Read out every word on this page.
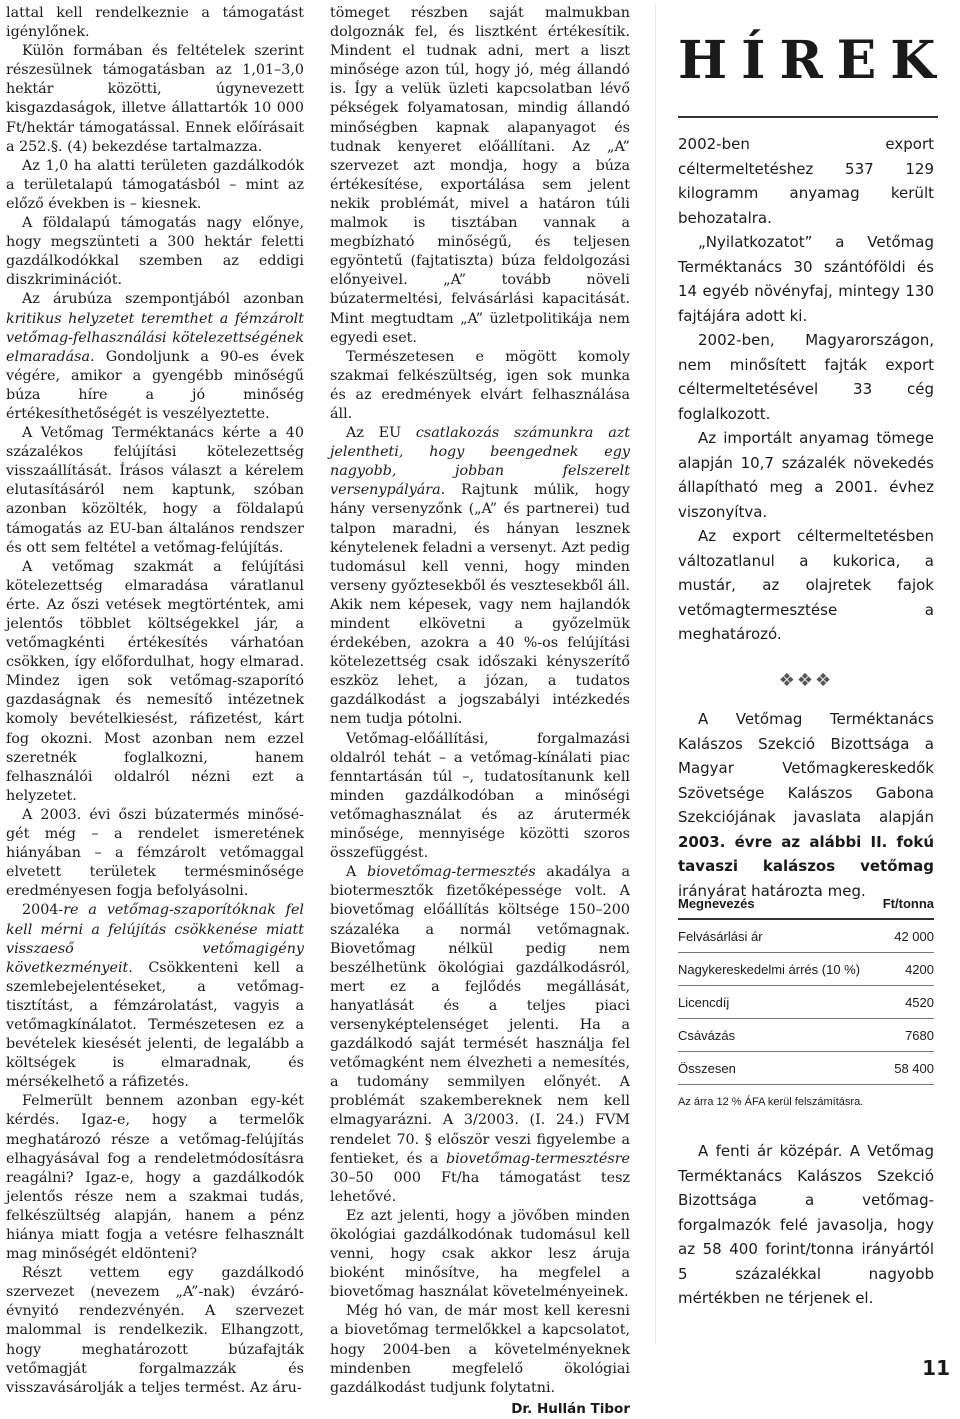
lattal kell rendelkeznie a támogatást igénylőnek.

Külön formában és feltételek szerint részesülnek támogatásban az 1,01–3,0 hektár közötti, úgynevezett kisgazdaságok, illetve állattartók 10 000 Ft/hektár támogatással. Ennek előírásait a 252.§. (4) bekezdése tartalmazza.

Az 1,0 ha alatti területen gazdálkodók a területalapú támogatásból – mint az előző években is – kiesnek.

A földalapú támogatás nagy előnye, hogy megszünteti a 300 hektár feletti gazdálkodókkal szemben az eddigi diszkriminációt.

Az árubúza szempontjából azonban kritikus helyzetet teremthet a fémzárolt vetőmag-felhasználási kötelezettségének elmaradása. Gondoljunk a 90-es évek végére, amikor a gyengébb minőségű búza híre a jó minőség értékesíthetőségét is veszélyeztette.

A Vetőmag Terméktanács kérte a 40 százalékos felújítási kötelezettség visszaállítását. Írásos választ a kérelem elutasításáról nem kaptunk, szóban azonban közölték, hogy a földalapú támogatás az EU-ban általános rendszer és ott sem feltétel a vetőmag-felújítás.

A vetőmag szakmát a felújítási kötelezettség elmaradása váratlanul érte. Az őszi vetések megtörténtek, ami jelentős többlet költségekkel jár, a vetőmagkénti értékesítés várhatóan csökken, így előfordulhat, hogy elmarad. Mindez igen sok vetőmag-szaporító gazdaságnak és nemesítő intézetnek komoly bevételkiesést, ráfizetést, kárt fog okozni. Most azonban nem ezzel szeretnék foglalkozni, hanem felhasználói oldalról nézni ezt a helyzetet.

A 2003. évi őszi búzatermés minősé-gét még – a rendelet ismeretének hiányában – a fémzárolt vetőmaggal elvetett területek termésminősége eredményesen fogja befolyásolni.

2004-re a vetőmag-szaporítóknak fel kell mérni a felújítás csökkenése miatt visszaeső vetőmagigény következményeit. Csökkenteni kell a szemlebejelentéseket, a vetőmag-tisztítást, a fémzárolatást, vagyis a vetőmagkínálatot. Természetesen ez a bevételek kiesését jelenti, de legalább a költségek is elmaradnak, és mérsékelhető a ráfizetés.

Felmerült bennem azonban egy-két kérdés. Igaz-e, hogy a termelők meghatározó része a vetőmag-felújítás elhagyásával fog a rendeletmódosításra reagálni? Igaz-e, hogy a gazdálkodók jelentős része nem a szakmai tudás, felkészültség alapján, hanem a pénz hiánya miatt fogja a vetésre felhasznált mag minőségét eldönteni?

Részt vettem egy gazdálkodó szervezet (nevezem „A”-nak) évzáró-évnyitó rendezvényén. A szervezet malommal is rendelkezik. Elhangzott, hogy meghatározott búzafajták vetőmagját forgalmazzák és visszavásárolják a teljes termést. Az áru-

tömeget részben saját malmukban dolgoznák fel, és lisztként értékesítik. Mindent el tudnak adni, mert a liszt minősége azon túl, hogy jó, még állandó is. Így a velük üzleti kapcsolatban lévő pékségek folyamatosan, mindig állandó minőségben kapnak alapanyagot és tudnak kenyeret előállítani. Az „A” szervezet azt mondja, hogy a búza értékesítése, exportálása sem jelent nekik problémát, mivel a határon túli malmok is tisztában vannak a megbízható minőségű, és teljesen egyöntetű (fajtatiszta) búza feldolgozási előnyeivel. „A” tovább növeli búzatermeltési, felvásárlási kapacitását. Mint megtudtam „A” üzletpolitikája nem egyedi eset.

Természetesen e mögött komoly szakmai felkészültség, igen sok munka és az eredmények elvárt felhasználása áll.

Az EU csatlakozás számunkra azt jelentheti, hogy beengednek egy nagyobb, jobban felszerelt versenypályára. Rajtunk múlik, hogy hány versenyzőnk („A” és partnerei) tud talpon maradni, és hányan lesznek kénytelenek feladni a versenyt. Azt pedig tudomásul kell venni, hogy minden verseny győztesekből és vesztesekből áll. Akik nem képesek, vagy nem hajlandók mindent elkövetni a győzelmük érdekében, azokra a 40 %-os felújítási kötelezettség csak időszaki kényszerítő eszköz lehet, a józan, a tudatos gazdálkodást a jogszabályi intézkedés nem tudja pótolni.

Vetőmag-előállítási, forgalmazási oldalról tehát – a vetőmag-kínálati piac fenntartásán túl –, tudatosítanunk kell minden gazdálkodóban a minőségi vetőmaghasználat és az árutermék minősége, mennyisége közötti szoros összefüggést.

A biovetőmag-termesztés akadálya a biotermesztők fizetőképessége volt. A biovetőmag előállítás költsége 150–200 százaléka a normál vetőmagnak. Biovetőmag nélkül pedig nem beszélhetünk ökológiai gazdálkodásról, mert ez a fejlődés megállását, hanyatlását és a teljes piaci versenyképtelenséget jelenti. Ha a gazdálkodó saját termését használja fel vetőmagként nem élvezheti a nemesítés, a tudomány semmilyen előnyét. A problémát szakembereknek nem kell elmagyarázni. A 3/2003. (I. 24.) FVM rendelet 70. § először veszi figyelembe a fentieket, és a biovetőmag-termesztésre 30–50 000 Ft/ha támogatást tesz lehetővé.

Ez azt jelenti, hogy a jövőben minden ökológiai gazdálkodónak tudomásul kell venni, hogy csak akkor lesz áruja bioként minősítve, ha megfelel a biovetőmag használat követelményeinek.

Még hó van, de már most kell keresni a biovetőmag termelőkkel a kapcsolatot, hogy 2004-ben a követelményeknek mindenben megfelelő ökológiai gazdálkodást tudjunk folytatni.

Dr. Hullán Tibor
HÍREK

2002-ben export céltermeltetéshez 537 129 kilogramm anyamag került behozatalra.

„Nyilatkozatot” a Vetőmag Terméktanács 30 szántóföldi és 14 egyéb növényfaj, mintegy 130 fajtájára adott ki.

2002-ben, Magyarországon, nem minősített fajták export céltermeltetésével 33 cég foglalkozott.

Az importált anyamag tömege alapján 10,7 százalék növekedés állapítható meg a 2001. évhez viszonyítva.

Az export céltermeltetésben változatlanul a kukorica, a mustár, az olajretek fajok vetőmagtermesztése a meghatározó.

❖❖❖

A Vetőmag Terméktanács Kalászos Szekció Bizottsága a Magyar Vetőmagkereskedők Szövetsége Kalászos Gabona Szekciójának javaslata alapján 2003. évre az alábbi II. fokú tavaszi kalászos vetőmag irányárat határozta meg.

Megnevezés	Ft/tonna
Felvásárlási ár	42 000
Nagykereskedelmi árrés (10 %)	4200
Licencdíj	4520
Csávázás	7680
Összesen	58 400
Az árra 12 % ÁFA kerül felszámításra.

A fenti ár középár. A Vetőmag Terméktanács Kalászos Szekció Bizottsága a vetőmag-forgalmazók felé javasolja, hogy az 58 400 forint/tonna irányártól 5 százalékkal nagyobb mértékben ne térjenek el.

11
